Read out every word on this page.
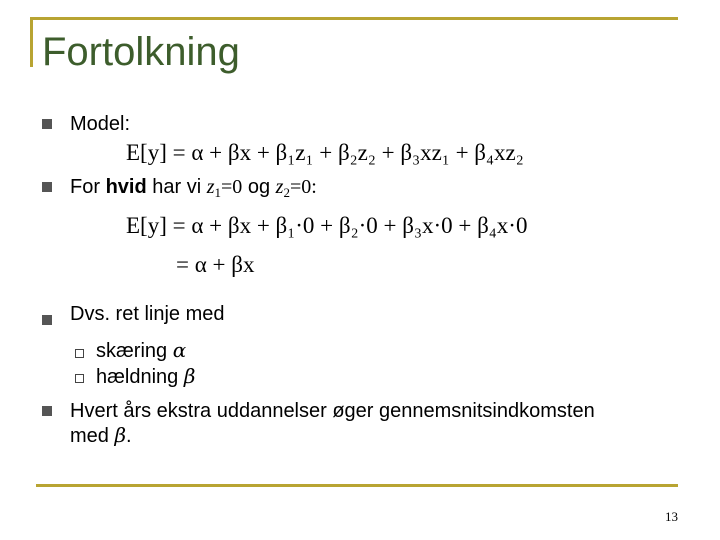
Fortolkning
Model:
E[y] = α + βx + β₁z₁ + β₂z₂ + β₃xz₁ + β₄xz₂
For hvid har vi $z_1=0$ og $z_2=0$:
E[y] = α + βx + β₁·0 + β₂·0 + β₃x·0 + β₄x·0
= α + βx
Dvs. ret linje med
skæring α
hældning β
Hvert års ekstra uddannelser øger gennemsnitsindkomsten
med β.
13
